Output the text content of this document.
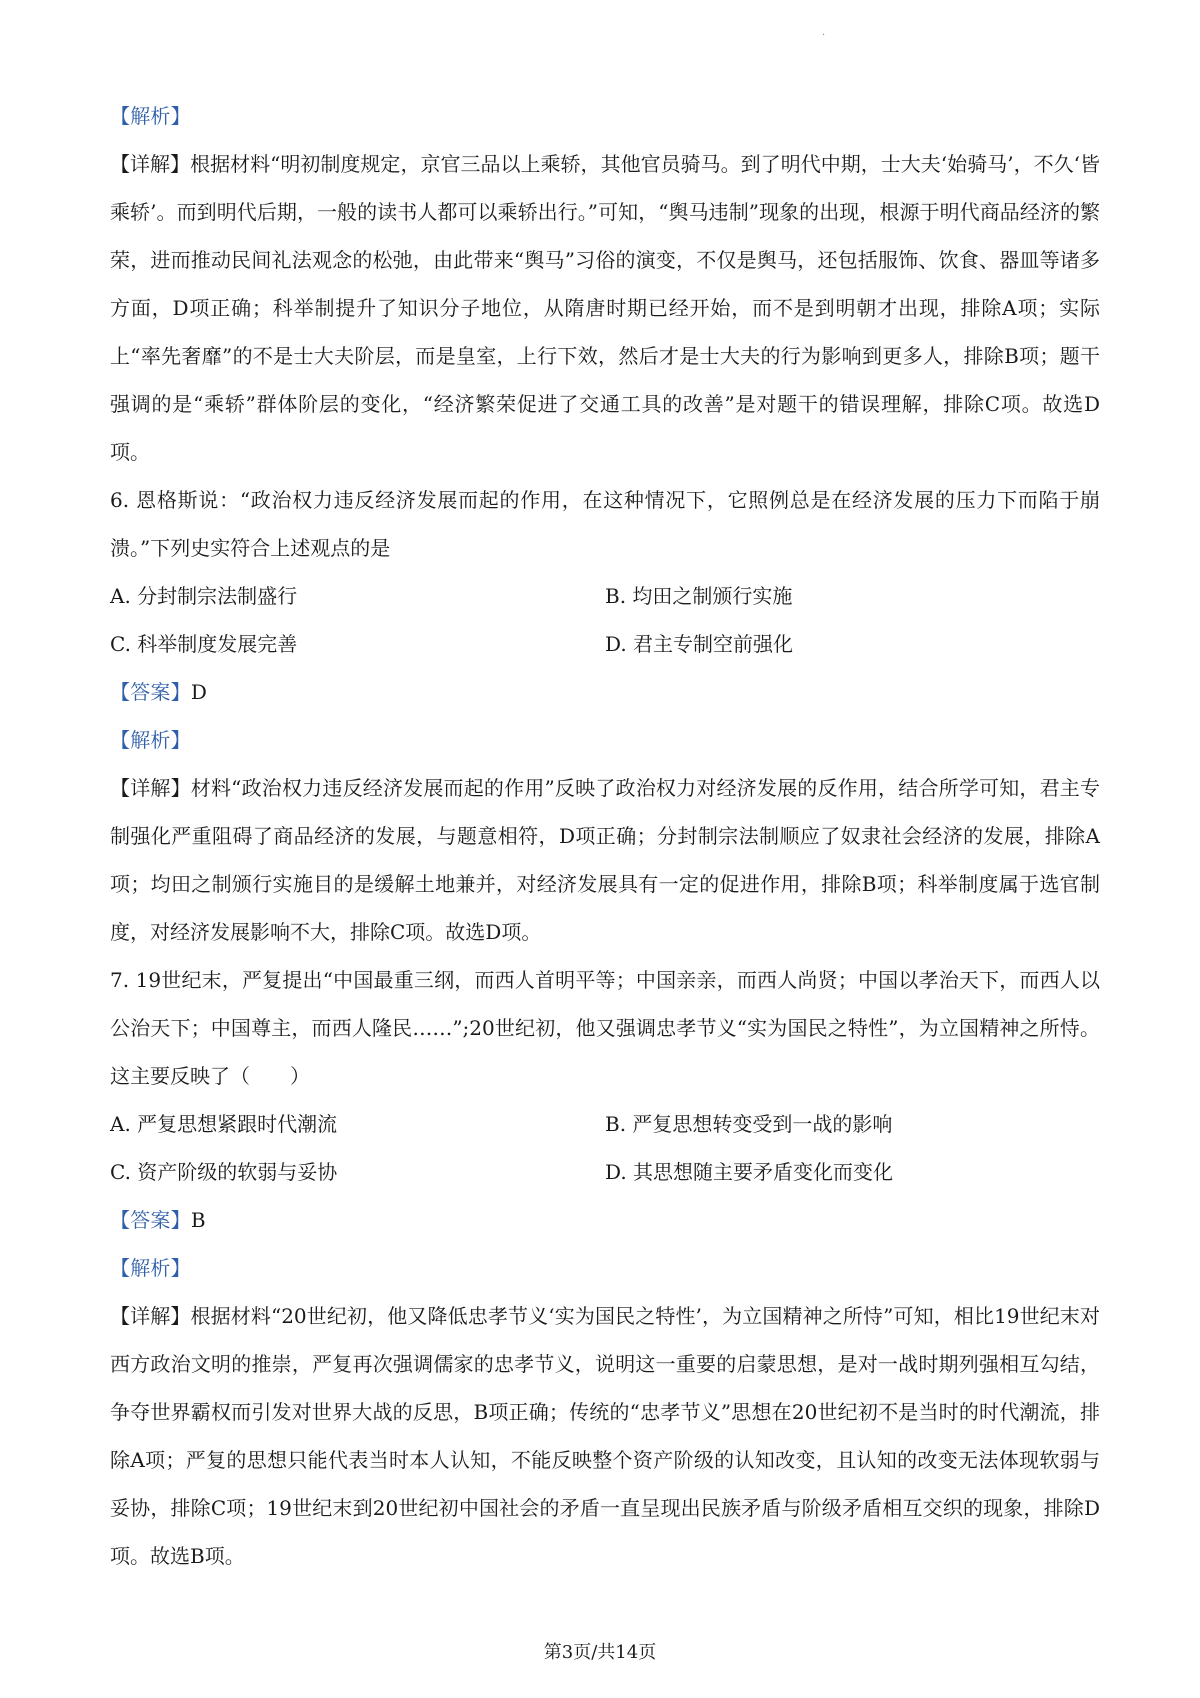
·
【解析】
【详解】根据材料“明初制度规定，京官三品以上乘轿，其他官员骑马。到了明代中期，士大夫‘始骑马’，不久‘皆乘轿’。而到明代后期，一般的读书人都可以乘轿出行。”可知，“舆马违制”现象的出现，根源于明代商品经济的繁荣，进而推动民间礼法观念的松弛，由此带来“舆马”习俗的演变，不仅是舆马，还包括服饰、饮食、器皿等诸多方面，D项正确；科举制提升了知识分子地位，从隋唐时期已经开始，而不是到明朝才出现，排除A项；实际上“率先奢靡”的不是士大夫阶层，而是皇室，上行下效，然后才是士大夫的行为影响到更多人，排除B项；题干强调的是“乘轿”群体阶层的变化，“经济繁荣促进了交通工具的改善”是对题干的错误理解，排除C项。故选D项。
6. 恩格斯说：“政治权力违反经济发展而起的作用，在这种情况下，它照例总是在经济发展的压力下而陷于崩溃。”下列史实符合上述观点的是
A. 分封制宗法制盛行	B. 均田之制颁行实施
C. 科举制度发展完善	D. 君主专制空前强化
【答案】D
【解析】
【详解】材料“政治权力违反经济发展而起的作用”反映了政治权力对经济发展的反作用，结合所学可知，君主专制强化严重阻碍了商品经济的发展，与题意相符，D项正确；分封制宗法制顺应了奴隶社会经济的发展，排除A项；均田之制颁行实施目的是缓解土地兼并，对经济发展具有一定的促进作用，排除B项；科举制度属于选官制度，对经济发展影响不大，排除C项。故选D项。
7. 19世纪末，严复提出“中国最重三纲，而西人首明平等；中国亲亲，而西人尚贤；中国以孝治天下，而西人以公治天下；中国尊主，而西人隆民……”;20世纪初，他又强调忠孝节义“实为国民之特性”，为立国精神之所恃。这主要反映了（　　）
A. 严复思想紧跟时代潮流	B. 严复思想转变受到一战的影响
C. 资产阶级的软弱与妥协	D. 其思想随主要矛盾变化而变化
【答案】B
【解析】
【详解】根据材料“20世纪初，他又降低忠孝节义‘实为国民之特性’，为立国精神之所恃”可知，相比19世纪末对西方政治文明的推崇，严复再次强调儒家的忠孝节义，说明这一重要的启蒙思想，是对一战时期列强相互勾结，争夺世界霸权而引发对世界大战的反思，B项正确；传统的“忠孝节义”思想在20世纪初不是当时的时代潮流，排除A项；严复的思想只能代表当时本人认知，不能反映整个资产阶级的认知改变，且认知的改变无法体现软弱与妥协，排除C项；19世纪末到20世纪初中国社会的矛盾一直呈现出民族矛盾与阶级矛盾相互交织的现象，排除D项。故选B项。
第3页/共14页
